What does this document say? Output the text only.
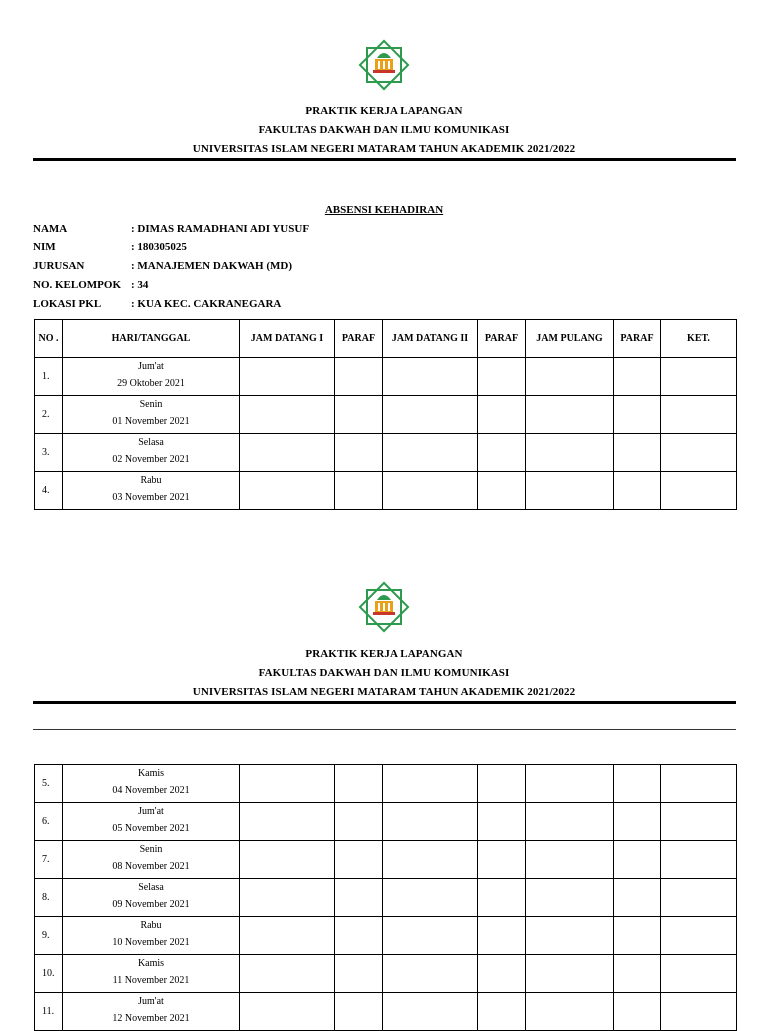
PRAKTIK KERJA LAPANGAN
FAKULTAS DAKWAH DAN ILMU KOMUNIKASI
UNIVERSITAS ISLAM NEGERI MATARAM TAHUN AKADEMIK 2021/2022
ABSENSI KEHADIRAN
NAMA	: DIMAS RAMADHANI ADI YUSUF
NIM	: 180305025
JURUSAN	: MANAJEMEN DAKWAH (MD)
NO. KELOMPOK : 34
LOKASI PKL	: KUA KEC. CAKRANEGARA
NO .	HARI/TANGGAL	JAM DATANG I	PARAF	JAM DATANG II	PARAF	JAM PULANG	PARAF	KET.
1.	Jum'at
29 Oktober 2021							

2.	Senin
01 November 2021							

3.	Selasa
02 November 2021							

4.	Rabu
03 November 2021							

PRAKTIK KERJA LAPANGAN
FAKULTAS DAKWAH DAN ILMU KOMUNIKASI
UNIVERSITAS ISLAM NEGERI MATARAM TAHUN AKADEMIK 2021/2022
5.	Kamis
04 November 2021							

6.	Jum'at
05 November 2021							

7.	Senin
08 November 2021							

8.	Selasa
09 November 2021							

9.	Rabu
10 November 2021							

10.	Kamis
11 November 2021							

11.	Jum'at
12 November 2021							
